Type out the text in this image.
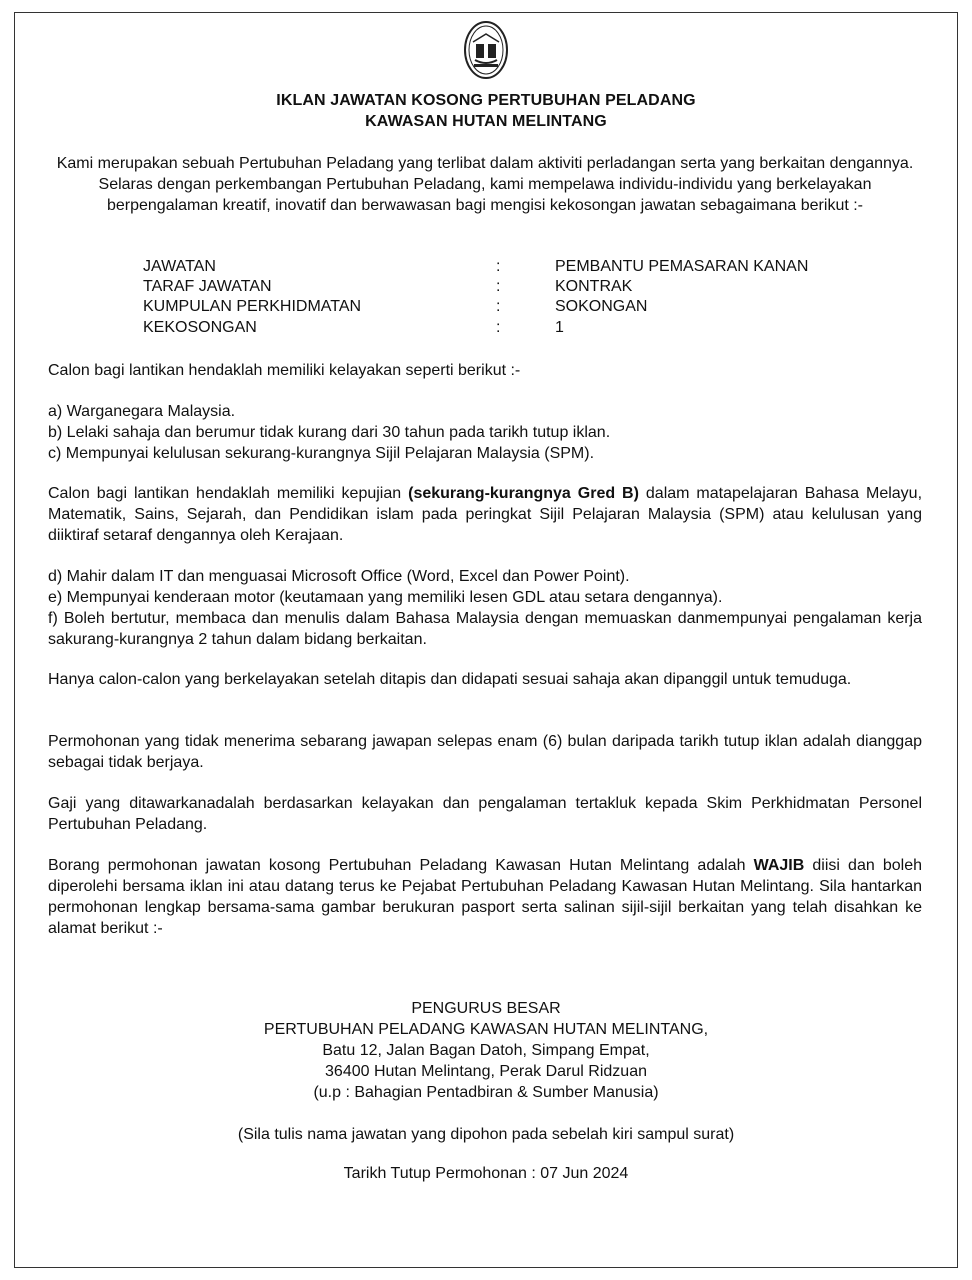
IKLAN JAWATAN KOSONG PERTUBUHAN PELADANG
KAWASAN HUTAN MELINTANG
Kami merupakan sebuah Pertubuhan Peladang yang terlibat dalam aktiviti perladangan serta yang berkaitan dengannya. Selaras dengan perkembangan Pertubuhan Peladang, kami mempelawa individu-individu yang berkelayakan berpengalaman kreatif, inovatif dan berwawasan bagi mengisi kekosongan jawatan sebagaimana berikut :-
JAWATAN	:	PEMBANTU PEMASARAN KANAN
TARAF JAWATAN	:	KONTRAK
KUMPULAN PERKHIDMATAN	:	SOKONGAN
KEKOSONGAN	:	1
Calon bagi lantikan hendaklah memiliki kelayakan seperti berikut :-
a) Warganegara Malaysia.
b) Lelaki sahaja dan berumur tidak kurang dari 30 tahun pada tarikh tutup iklan.
c) Mempunyai kelulusan sekurang-kurangnya Sijil Pelajaran Malaysia (SPM).
Calon bagi lantikan hendaklah memiliki kepujian (sekurang-kurangnya Gred B) dalam matapelajaran Bahasa Melayu, Matematik, Sains, Sejarah, dan Pendidikan islam pada peringkat Sijil Pelajaran Malaysia (SPM) atau kelulusan yang diiktiraf setaraf dengannya oleh Kerajaan.
d) Mahir dalam IT dan menguasai Microsoft Office (Word, Excel dan Power Point).
e) Mempunyai kenderaan motor (keutamaan yang memiliki lesen GDL atau setara dengannya).
f) Boleh bertutur, membaca dan menulis dalam Bahasa Malaysia dengan memuaskan danmempunyai pengalaman kerja sakurang-kurangnya 2 tahun dalam bidang berkaitan.
Hanya calon-calon yang berkelayakan setelah ditapis dan didapati sesuai sahaja akan dipanggil untuk temuduga.
Permohonan yang tidak menerima sebarang jawapan selepas enam (6) bulan daripada tarikh tutup iklan adalah dianggap sebagai tidak berjaya.
Gaji yang ditawarkanadalah berdasarkan kelayakan dan pengalaman tertakluk kepada Skim Perkhidmatan Personel Pertubuhan Peladang.
Borang permohonan jawatan kosong Pertubuhan Peladang Kawasan Hutan Melintang adalah WAJIB diisi dan boleh diperolehi bersama iklan ini atau datang terus ke Pejabat Pertubuhan Peladang Kawasan Hutan Melintang. Sila hantarkan permohonan lengkap bersama-sama gambar berukuran pasport serta salinan sijil-sijil berkaitan yang telah disahkan ke alamat berikut :-
PENGURUS BESAR
PERTUBUHAN PELADANG KAWASAN HUTAN MELINTANG,
Batu 12, Jalan Bagan Datoh, Simpang Empat,
36400 Hutan Melintang, Perak Darul Ridzuan
(u.p : Bahagian Pentadbiran & Sumber Manusia)
(Sila tulis nama jawatan yang dipohon pada sebelah kiri sampul surat)
Tarikh Tutup Permohonan : 07 Jun 2024
